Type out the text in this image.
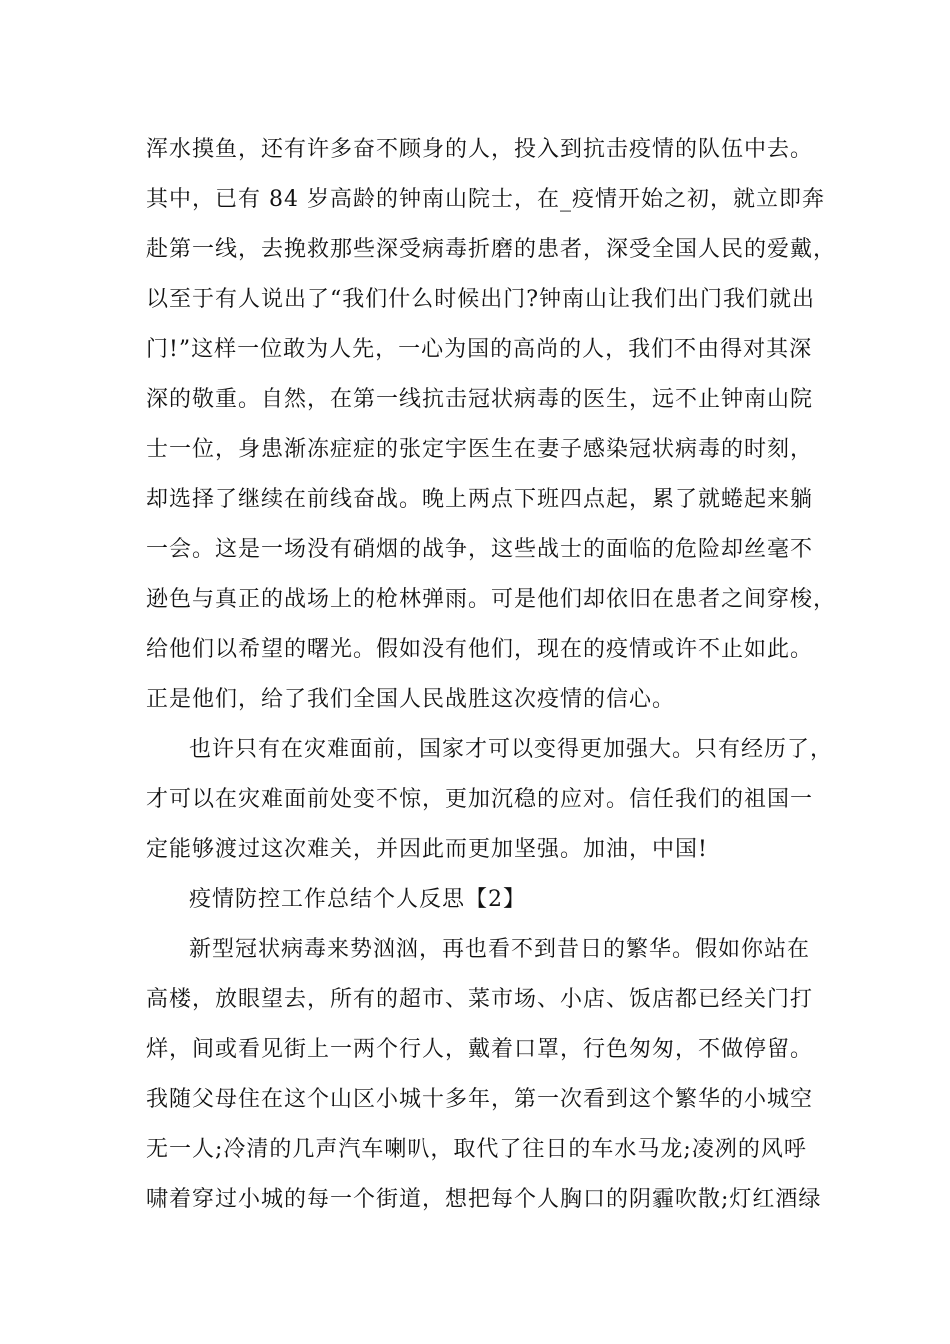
浑水摸鱼，还有许多奋不顾身的人，投入到抗击疫情的队伍中去。
其中，已有 84 岁高龄的钟南山院士，在_疫情开始之初，就立即奔
赴第一线，去挽救那些深受病毒折磨的患者，深受全国人民的爱戴，
以至于有人说出了“我们什么时候出门?钟南山让我们出门我们就出
门!”这样一位敢为人先，一心为国的高尚的人，我们不由得对其深
深的敬重。自然，在第一线抗击冠状病毒的医生，远不止钟南山院
士一位，身患渐冻症症的张定宇医生在妻子感染冠状病毒的时刻，
却选择了继续在前线奋战。晚上两点下班四点起，累了就蜷起来躺
一会。这是一场没有硝烟的战争，这些战士的面临的危险却丝毫不
逊色与真正的战场上的枪林弹雨。可是他们却依旧在患者之间穿梭，
给他们以希望的曙光。假如没有他们，现在的疫情或许不止如此。
正是他们，给了我们全国人民战胜这次疫情的信心。
也许只有在灾难面前，国家才可以变得更加强大。只有经历了，
才可以在灾难面前处变不惊，更加沉稳的应对。信任我们的祖国一
定能够渡过这次难关，并因此而更加坚强。加油，中国!
疫情防控工作总结个人反思【2】
新型冠状病毒来势汹汹，再也看不到昔日的繁华。假如你站在
高楼，放眼望去，所有的超市、菜市场、小店、饭店都已经关门打
烊，间或看见街上一两个行人，戴着口罩，行色匆匆，不做停留。
我随父母住在这个山区小城十多年，第一次看到这个繁华的小城空
无一人;冷清的几声汽车喇叭，取代了往日的车水马龙;凌冽的风呼
啸着穿过小城的每一个街道，想把每个人胸口的阴霾吹散;灯红酒绿
